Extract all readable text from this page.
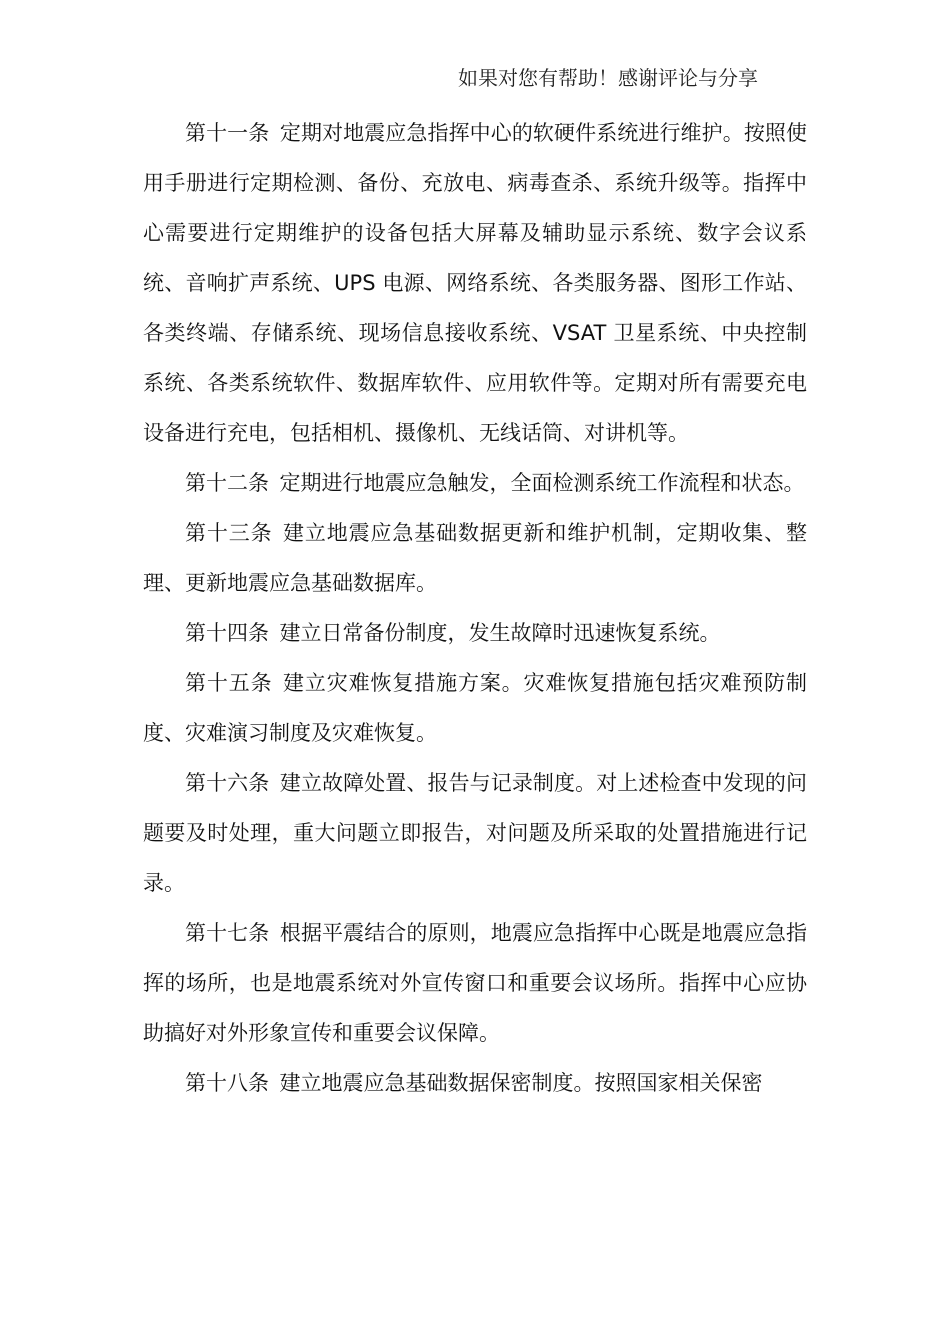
如果对您有帮助！感谢评论与分享

第十一条 定期对地震应急指挥中心的软硬件系统进行维护。按照使用手册进行定期检测、备份、充放电、病毒查杀、系统升级等。指挥中心需要进行定期维护的设备包括大屏幕及辅助显示系统、数字会议系统、音响扩声系统、UPS 电源、网络系统、各类服务器、图形工作站、各类终端、存储系统、现场信息接收系统、VSAT 卫星系统、中央控制系统、各类系统软件、数据库软件、应用软件等。定期对所有需要充电设备进行充电，包括相机、摄像机、无线话筒、对讲机等。

第十二条 定期进行地震应急触发，全面检测系统工作流程和状态。

第十三条 建立地震应急基础数据更新和维护机制，定期收集、整理、更新地震应急基础数据库。

第十四条 建立日常备份制度，发生故障时迅速恢复系统。

第十五条 建立灾难恢复措施方案。灾难恢复措施包括灾难预防制度、灾难演习制度及灾难恢复。

第十六条 建立故障处置、报告与记录制度。对上述检查中发现的问题要及时处理，重大问题立即报告，对问题及所采取的处置措施进行记录。

第十七条 根据平震结合的原则，地震应急指挥中心既是地震应急指挥的场所，也是地震系统对外宣传窗口和重要会议场所。指挥中心应协助搞好对外形象宣传和重要会议保障。

第十八条 建立地震应急基础数据保密制度。按照国家相关保密
